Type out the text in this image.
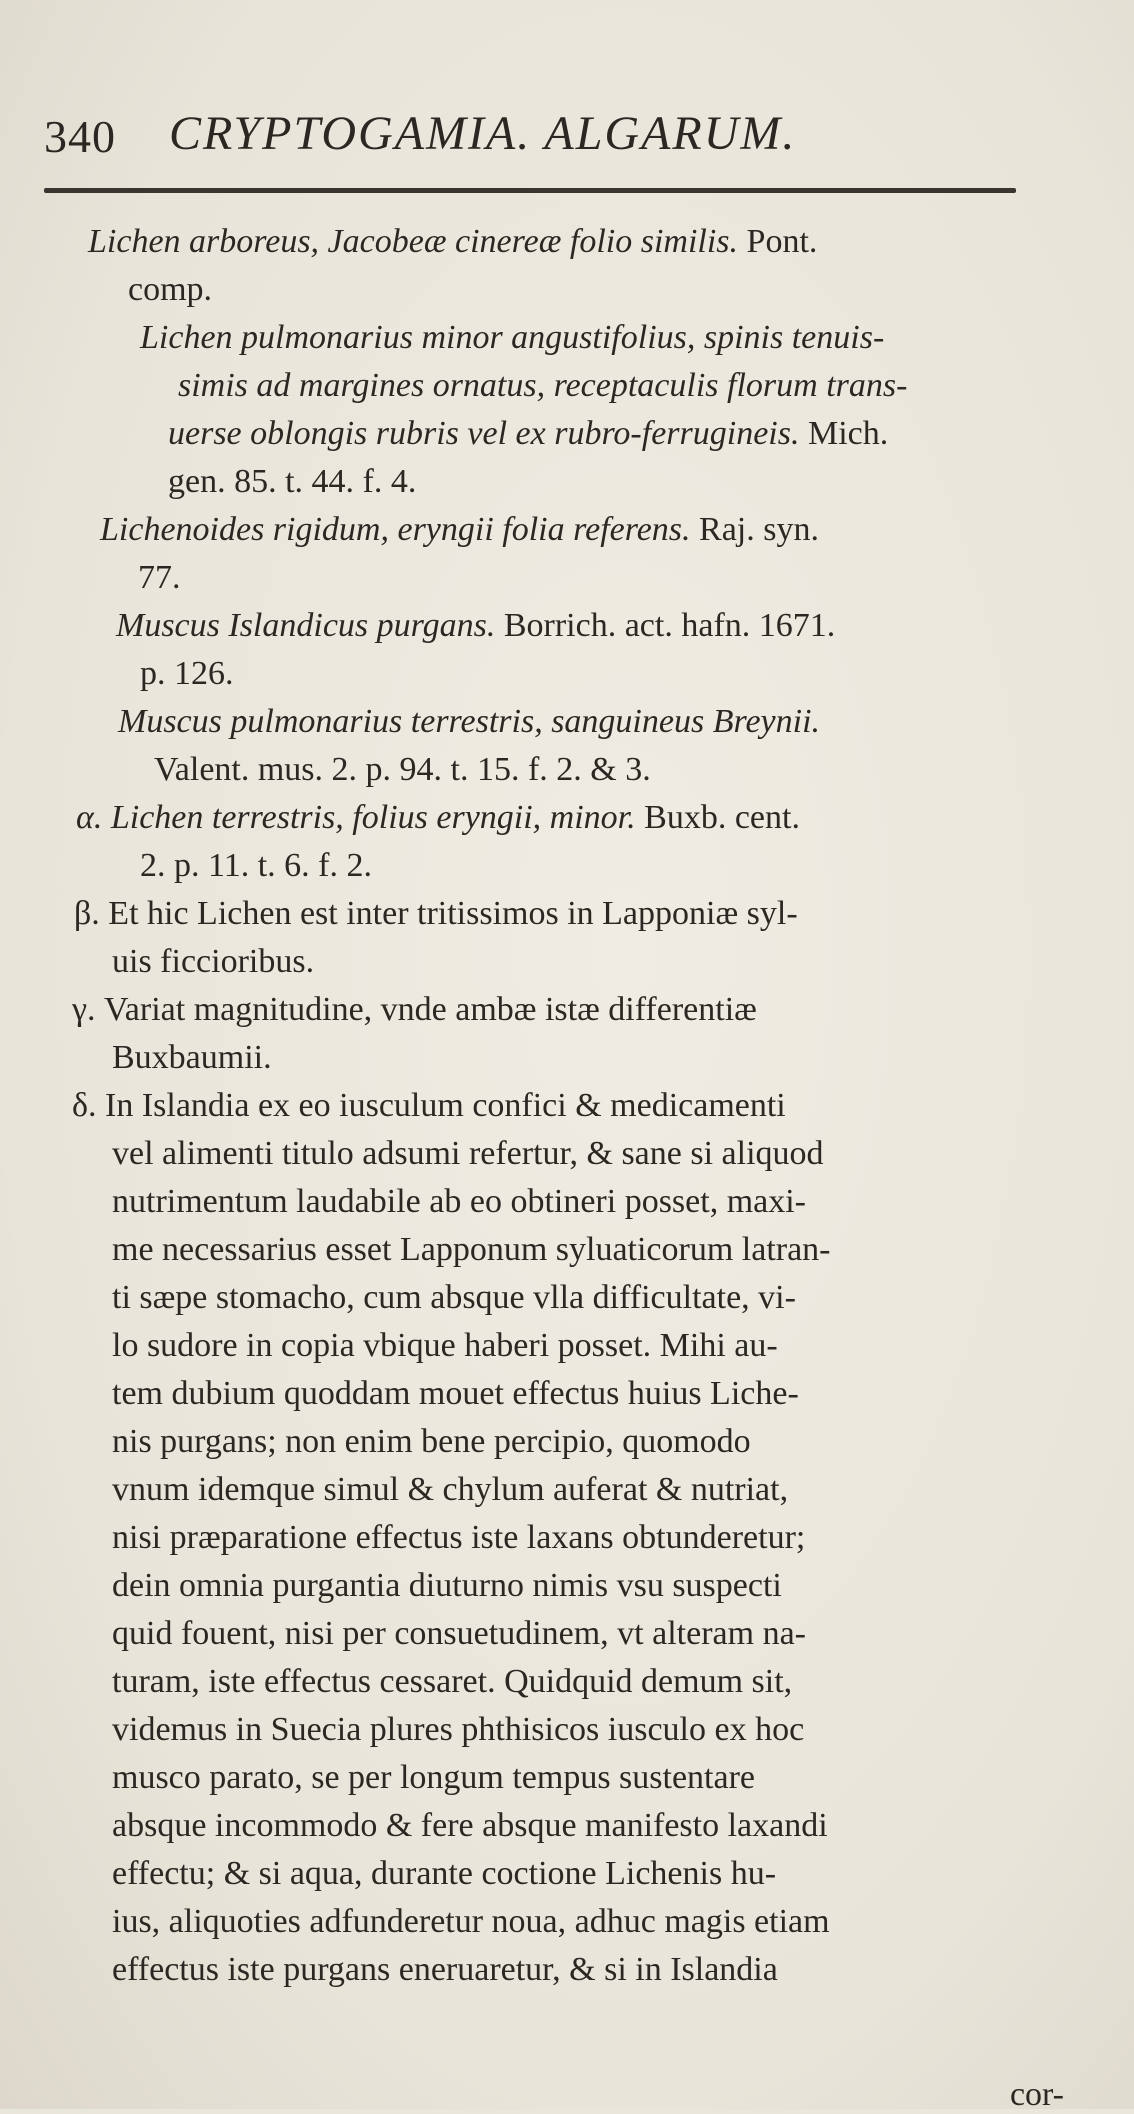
340 CRYPTOGAMIA. ALGARUM.
Lichen arboreus, Jacobeæ cinereæ folio similis. Pont.
comp.
Lichen pulmonarius minor angustifolius, spinis tenuis-
simis ad margines ornatus, receptaculis florum trans-
uerse oblongis rubris vel ex rubro-ferrugineis. Mich.
gen. 85. t. 44. f. 4.
Lichenoides rigidum, eryngii folia referens. Raj. syn.
77.
Muscus Islandicus purgans. Borrich. act. hafn. 1671.
p. 126.
Muscus pulmonarius terrestris, sanguineus Breynii.
Valent. mus. 2. p. 94. t. 15. f. 2. & 3.
α. Lichen terrestris, folius eryngii, minor. Buxb. cent.
2. p. 11. t. 6. f. 2.
β. Et hic Lichen est inter tritissimos in Lapponiæ syl-
uis ficcioribus.
γ. Variat magnitudine, vnde ambæ istæ differentiæ
Buxbaumii.
δ. In Islandia ex eo iusculum confici & medicamenti
vel alimenti titulo adsumi refertur, & sane si aliquod
nutrimentum laudabile ab eo obtineri posset, maxi-
me necessarius esset Lapponum syluaticorum latran-
ti sæpe stomacho, cum absque vlla difficultate, vi-
lo sudore in copia vbique haberi posset. Mihi au-
tem dubium quoddam mouet effectus huius Liche-
nis purgans; non enim bene percipio, quomodo
vnum idemque simul & chylum auferat & nutriat,
nisi præparatione effectus iste laxans obtunderetur;
dein omnia purgantia diuturno nimis vsu suspecti
quid fouent, nisi per consuetudinem, vt alteram na-
turam, iste effectus cessaret. Quidquid demum sit,
videmus in Suecia plures phthisicos iusculo ex hoc
musco parato, se per longum tempus sustentare
absque incommodo & fere absque manifesto laxandi
effectu; & si aqua, durante coctione Lichenis hu-
ius, aliquoties adfunderetur noua, adhuc magis etiam
effectus iste purgans eneruaretur, & si in Islandia
cor-
